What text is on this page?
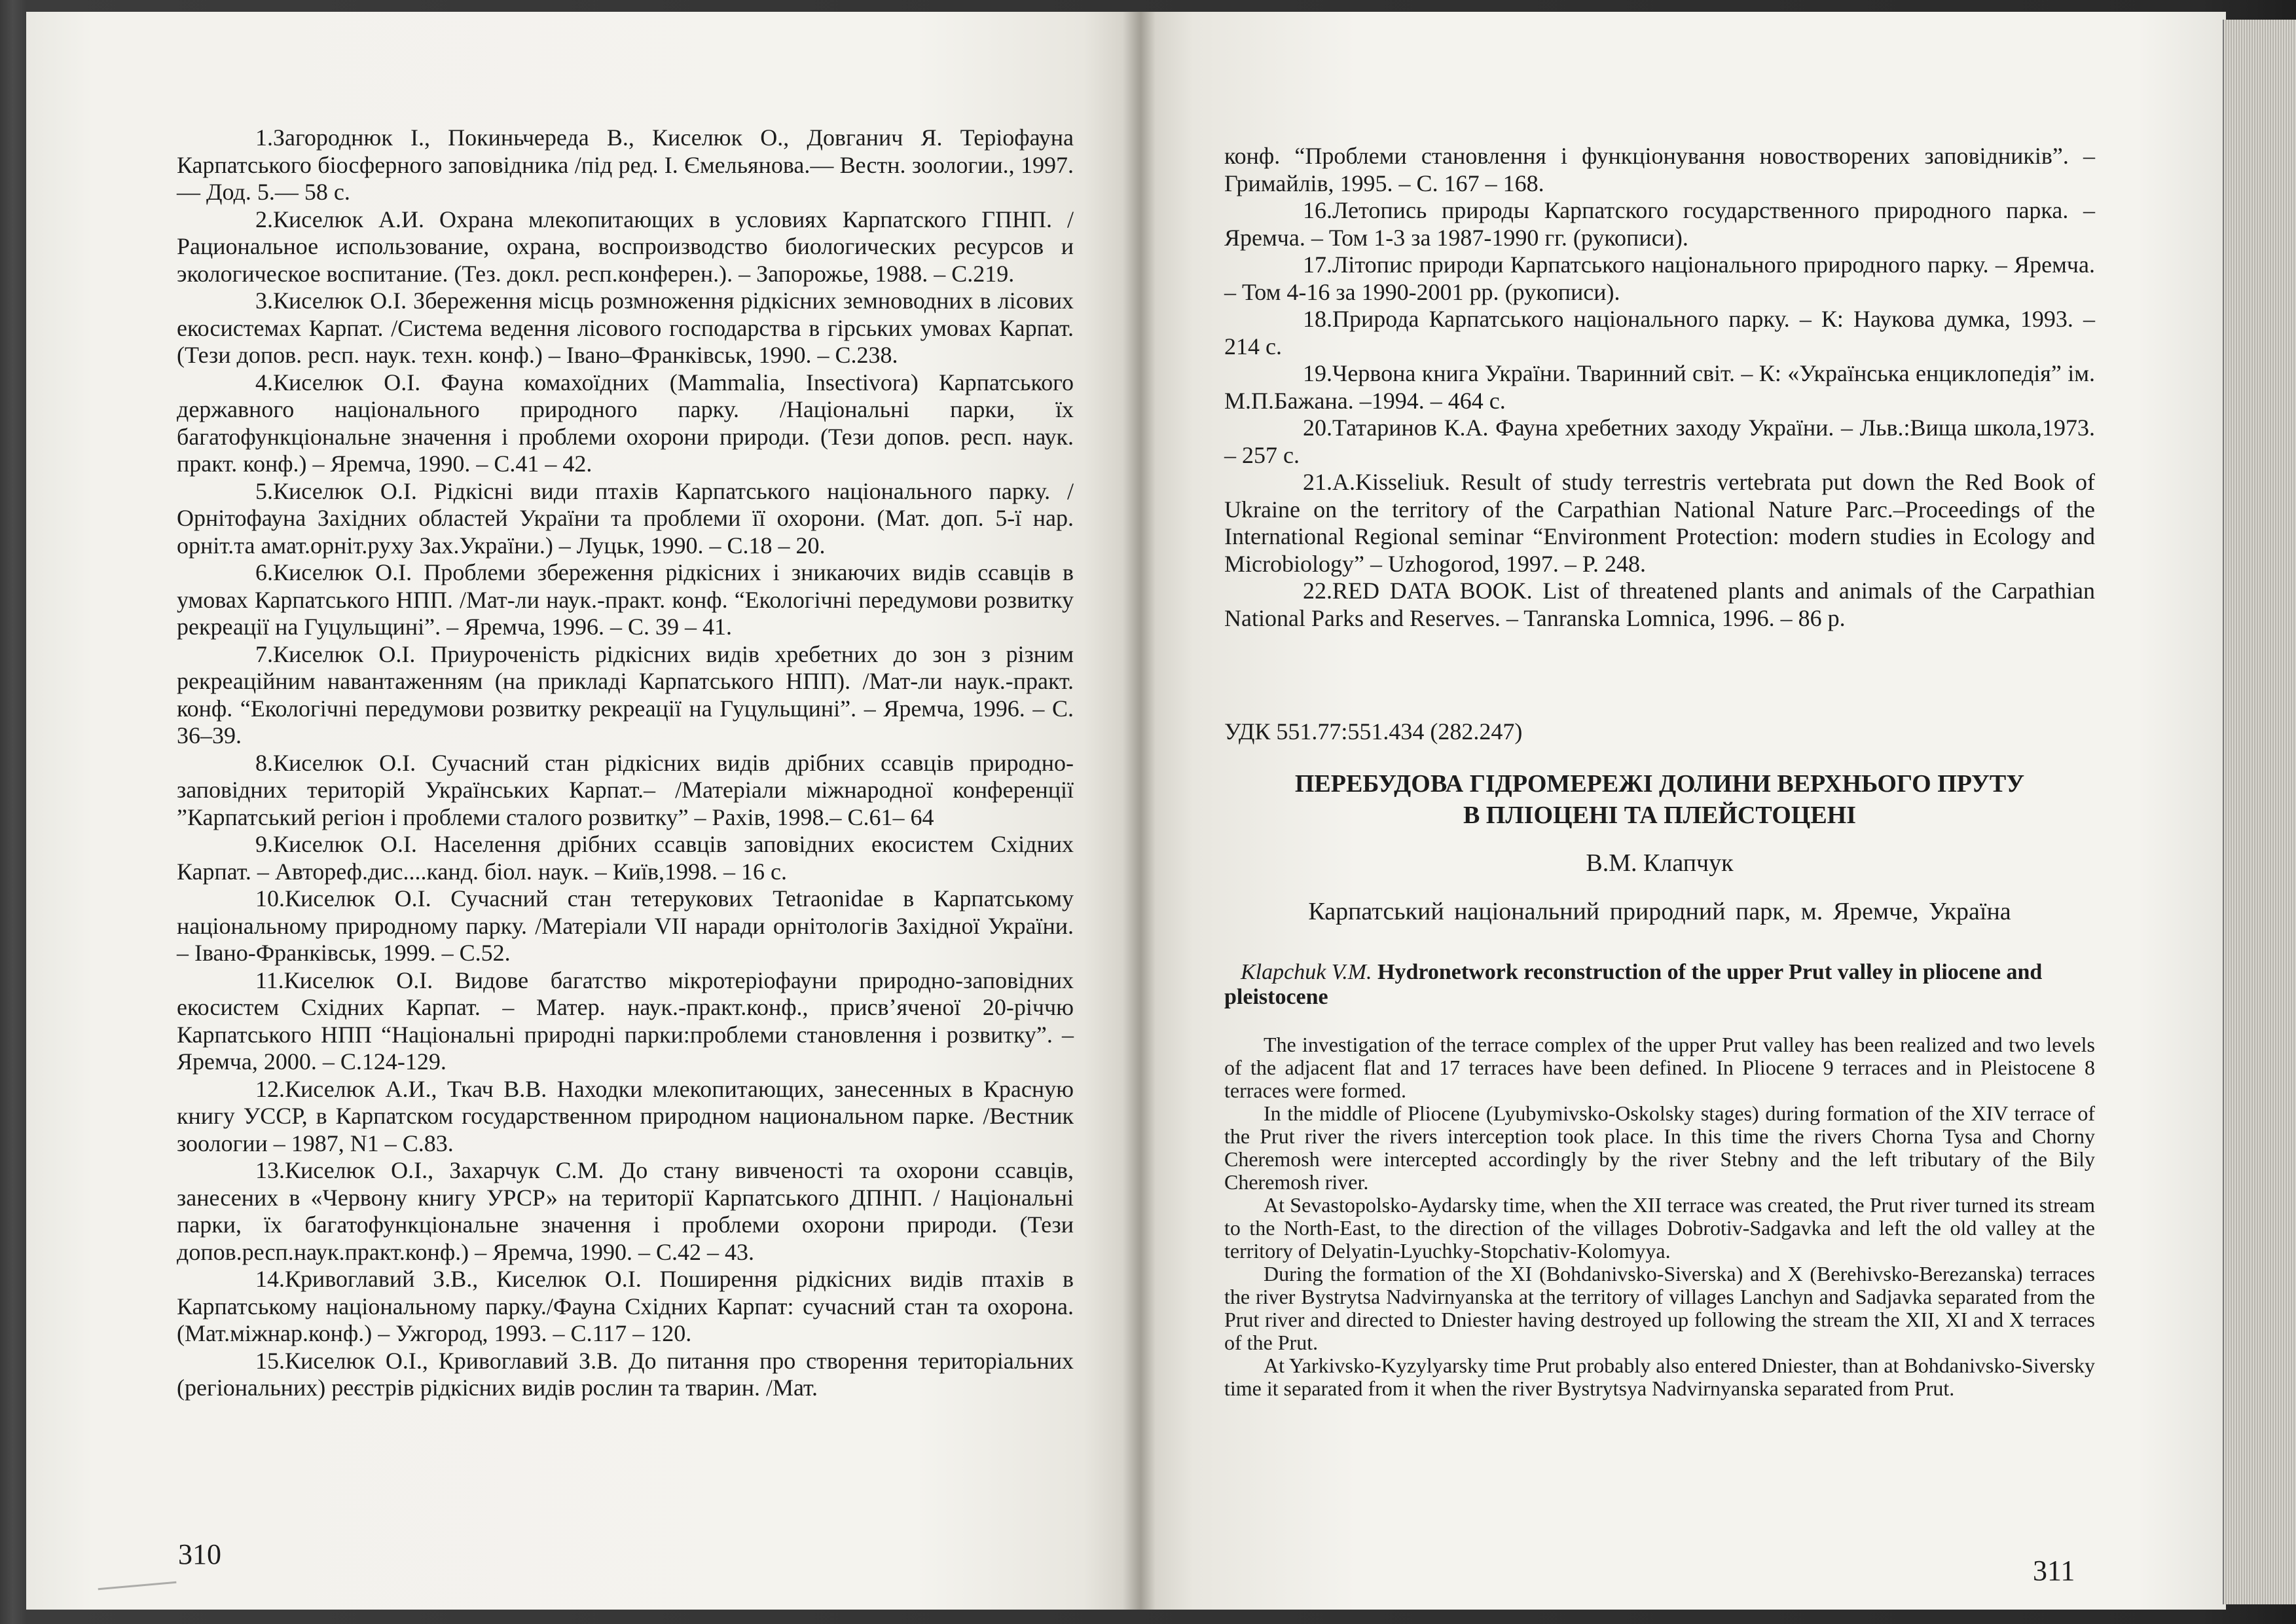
1.Загороднюк І., Покиньчереда В., Киселюк О., Довганич Я. Теріофауна Карпатського біосферного заповідника /під ред. І. Ємельянова.— Вестн. зоологии., 1997.— Дод. 5.— 58 с.

2.Киселюк А.И. Охрана млекопитающих в условиях Карпатского ГПНП. /Рациональное использование, охрана, воспроизводство биологических ресурсов и экологическое воспитание. (Тез. докл. респ.конферен.). – Запорожье, 1988. – С.219.

3.Киселюк О.І. Збереження місць розмноження рідкісних земноводних в лісових екосистемах Карпат. /Система ведення лісового господарства в гірських умовах Карпат. (Тези допов. респ. наук. техн. конф.) – Івано–Франківськ, 1990. – С.238.

4.Киселюк О.І. Фауна комахоїдних (Mammalia, Insectivora) Карпатського державного національного природного парку. /Національні парки, їх багатофункціональне значення і проблеми охорони природи. (Тези допов. респ. наук. практ. конф.) – Яремча, 1990. – С.41 – 42.

5.Киселюк О.І. Рідкісні види птахів Карпатського національного парку. / Орнітофауна Західних областей України та проблеми її охорони. (Мат. доп. 5-ї нар. орніт.та амат.орніт.руху Зах.України.) – Луцьк, 1990. – С.18 – 20.

6.Киселюк О.І. Проблеми збереження рідкісних і зникаючих видів ссавців в умовах Карпатського НПП. /Мат-ли наук.-практ. конф. “Екологічні передумови розвитку рекреації на Гуцульщині”. – Яремча, 1996. – С. 39 – 41.

7.Киселюк О.І. Приуроченість рідкісних видів хребетних до зон з різним рекреаційним навантаженням (на прикладі Карпатського НПП). /Мат-ли наук.-практ. конф. “Екологічні передумови розвитку рекреації на Гуцульщині”. – Яремча, 1996. – С. 36–39.

8.Киселюк О.І. Сучасний стан рідкісних видів дрібних ссавців природно-заповідних територій Українських Карпат.– /Матеріали міжнародної конференції ”Карпатський регіон і проблеми сталого розвитку” – Рахів, 1998.– С.61– 64

9.Киселюк О.І. Населення дрібних ссавців заповідних екосистем Східних Карпат. – Автореф.дис....канд. біол. наук. – Київ,1998. – 16 с.

10.Киселюк О.І. Сучасний стан тетерукових Tetraonidae в Карпатському національному природному парку. /Матеріали VII наради орнітологів Західної України. – Івано-Франківськ, 1999. – С.52.

11.Киселюк О.І. Видове багатство мікротеріофауни природно-заповідних екосистем Східних Карпат. – Матер. наук.-практ.конф., присв’яченої 20-річчю Карпатського НПП “Національні природні парки:проблеми становлення і розвитку”. – Яремча, 2000. – С.124-129.

12.Киселюк А.И., Ткач В.В. Находки млекопитающих, занесенных в Красную книгу УССР, в Карпатском государственном природном национальном парке. /Вестник зоологии – 1987, N1 – С.83.

13.Киселюк О.І., Захарчук С.М. До стану вивченості та охорони ссавців, занесених в «Червону книгу УРСР» на території Карпатського ДПНП. / Національні парки, їх багатофункціональне значення і проблеми охорони природи. (Тези допов.респ.наук.практ.конф.) – Яремча, 1990. – С.42 – 43.

14.Кривоглавий З.В., Киселюк О.І. Поширення рідкісних видів птахів в Карпатському національному парку./Фауна Східних Карпат: сучасний стан та охорона. (Мат.міжнар.конф.) – Ужгород, 1993. – С.117 – 120.

15.Киселюк О.І., Кривоглавий З.В. До питання про створення територіальних (регіональних) реєстрів рідкісних видів рослин та тварин. /Мат.

310

конф. “Проблеми становлення і функціонування новостворених заповідників”. –Гримайлів, 1995. – С. 167 – 168.

16.Летопись природы Карпатского государственного природного парка. –Яремча. – Том 1-3 за 1987-1990 гг. (рукописи).

17.Літопис природи Карпатського національного природного парку. – Яремча. – Том 4-16 за 1990-2001 рр. (рукописи).

18.Природа Карпатського національного парку. – К: Наукова думка, 1993. – 214 с.

19.Червона книга України. Тваринний світ. – К: «Українська енциклопедія” ім. М.П.Бажана. –1994. – 464 с.

20.Татаринов К.А. Фауна хребетних заходу України. – Льв.:Вища школа,1973. – 257 с.

21.A.Kisseliuk. Result of study terrestris vertebrata put down the Red Book of Ukraine on the territory of the Carpathian National Nature Parc.–Proceedings of the International Regional seminar “Environment Protection: modern studies in Ecology and Microbiology” – Uzhogorod, 1997. – P. 248.

22.RED DATA BOOK. List of threatened plants and animals of the Carpathian National Parks and Reserves. – Tanranska Lomnica, 1996. – 86 p.

УДК 551.77:551.434 (282.247)
ПЕРЕБУДОВА ГІДРОМЕРЕЖІ ДОЛИНИ ВЕРХНЬОГО ПРУТУ
В ПЛІОЦЕНІ ТА ПЛЕЙСТОЦЕНІ
В.М. Клапчук
Карпатський національний природний парк, м. Яремче, Україна
Klapchuk V.M. Hydronetwork reconstruction of the upper Prut valley in pliocene and pleistocene

The investigation of the terrace complex of the upper Prut valley has been realized and two levels of the adjacent flat and 17 terraces have been defined. In Pliocene 9 terraces and in Pleistocene 8 terraces were formed.

In the middle of Pliocene (Lyubymivsko-Oskolsky stages) during formation of the XIV terrace of the Prut river the rivers interception took place. In this time the rivers Chorna Tysa and Chorny Cheremosh were intercepted accordingly by the river Stebny and the left tributary of the Bily Cheremosh river.

At Sevastopolsko-Aydarsky time, when the XII terrace was created, the Prut river turned its stream to the North-East, to the direction of the villages Dobrotiv-Sadgavka and left the old valley at the territory of Delyatin-Lyuchky-Stopchativ-Kolomyya.

During the formation of the XI (Bohdanivsko-Siverska) and X (Berehivsko-Berezanska) terraces the river Bystrytsa Nadvirnyanska at the territory of villages Lanchyn and Sadjavka separated from the Prut river and directed to Dniester having destroyed up following the stream the XII, XI and X terraces of the Prut.

At Yarkivsko-Kyzylyarsky time Prut probably also entered Dniester, than at Bohdanivsko-Siversky time it separated from it when the river Bystrytsya Nadvirnyanska separated from Prut.

311
